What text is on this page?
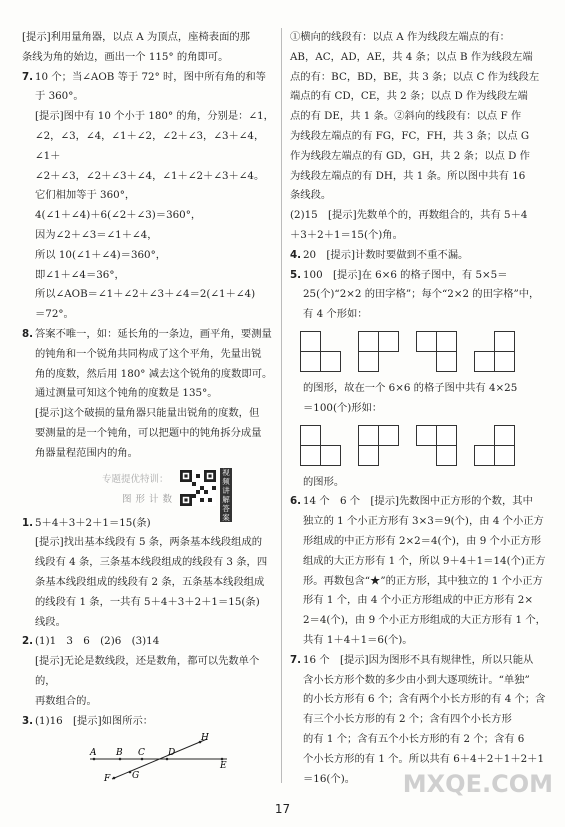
[提示]利用量角器，以点 A 为顶点，座椅表面的那

条线为角的始边，画出一个 115° 的角即可。

7. 10 个；当∠AOB 等于 72° 时，图中所有角的和等

于 360°。

[提示]图中有 10 个小于 180° 的角，分别是：∠1，

∠2，∠3，∠4，∠1＋∠2，∠2＋∠3，∠3＋∠4，∠1＋

∠2＋∠3，∠2＋∠3＋∠4，∠1＋∠2＋∠3＋∠4。

它们相加等于 360°，

4(∠1＋∠4)＋6(∠2＋∠3)＝360°，

因为∠2＋∠3＝∠1＋∠4，

所以 10(∠1＋∠4)＝360°，

即∠1＋∠4＝36°，

所以∠AOB＝∠1＋∠2＋∠3＋∠4＝2(∠1＋∠4)

＝72°。

8. 答案不唯一，如：延长角的一条边，画平角，要测量

的钝角和一个锐角共同构成了这个平角，先量出锐

角的度数，然后用 180° 减去这个锐角的度数即可。

通过测量可知这个钝角的度数是 135°。

[提示]这个破损的量角器只能量出锐角的度数，但

要测量的是一个钝角，可以把题中的钝角拆分成量

角器量程范围内的角。

专题提优特训：
图形计数
视频讲解答案

1. 5＋4＋3＋2＋1＝15(条)

[提示]找出基本线段有 5 条，两条基本线段组成的

线段有 4 条，三条基本线段组成的线段有 3 条，四

条基本线段组成的线段有 2 条，五条基本线段组成

的线段有 1 条，一共有 5＋4＋3＋2＋1＝15(条)

线段。

2. (1)1　3　6　(2)6　(3)14

[提示]无论是数线段，还是数角，都可以先数单个的，

再数组合的。

3. (1)16　[提示]如图所示：

A B C	D
H
E
G
F

①横向的线段有：以点 A 作为线段左端点的有：

AB，AC，AD，AE，共 4 条；以点 B 作为线段左端

点的有：BC，BD，BE，共 3 条；以点 C 作为线段左

端点的有 CD，CE，共 2 条；以点 D 作为线段左端

点的有 DE，共 1 条。②斜向的线段有：以点 F 作

为线段左端点的有 FG，FC，FH，共 3 条；以点 G

作为线段左端点的有 GD，GH，共 2 条；以点 D 作

为线段左端点的有 DH，共 1 条。所以图中共有 16

条线段。

(2)15　[提示]先数单个的，再数组合的，共有 5＋4

＋3＋2＋1＝15(个)角。

4. 20　[提示]计数时要做到不重不漏。

5. 100　[提示]在 6×6 的格子图中，有 5×5＝

25(个)“2×2 的田字格”；每个“2×2 的田字格”中，

有 4 个形如：

的图形，故在一个 6×6 的格子图中共有 4×25

＝100(个)形如：

的图形。

6. 14 个　6 个　[提示]先数图中正方形的个数，其中

独立的 1 个小正方形有 3×3＝9(个)，由 4 个小正方

形组成的中正方形有 2×2＝4(个)，由 9 个小正方形

组成的大正方形有 1 个，所以 9＋4＋1＝14(个)正方

形。再数包含“★”的正方形，其中独立的 1 个小正方

形有 1 个，由 4 个小正方形组成的中正方形有 2×

2＝4(个)，由 9 个小正方形组成的大正方形有 1 个，

共有 1＋4＋1＝6(个)。

7. 16 个　[提示]因为图形不具有规律性，所以只能从

含小长方形个数的多少由小到大逐项统计。“单独”

的小长方形有 6 个；含有两个小长方形的有 4 个；含

有三个小长方形的有 2 个；含有四个小长方形

的有 1 个；含有五个小长方形的有 2 个；含有 6

个小长方形的有 1 个。所以共有 6＋4＋2＋1＋2＋1

＝16(个)。

17
MXQE.COM
